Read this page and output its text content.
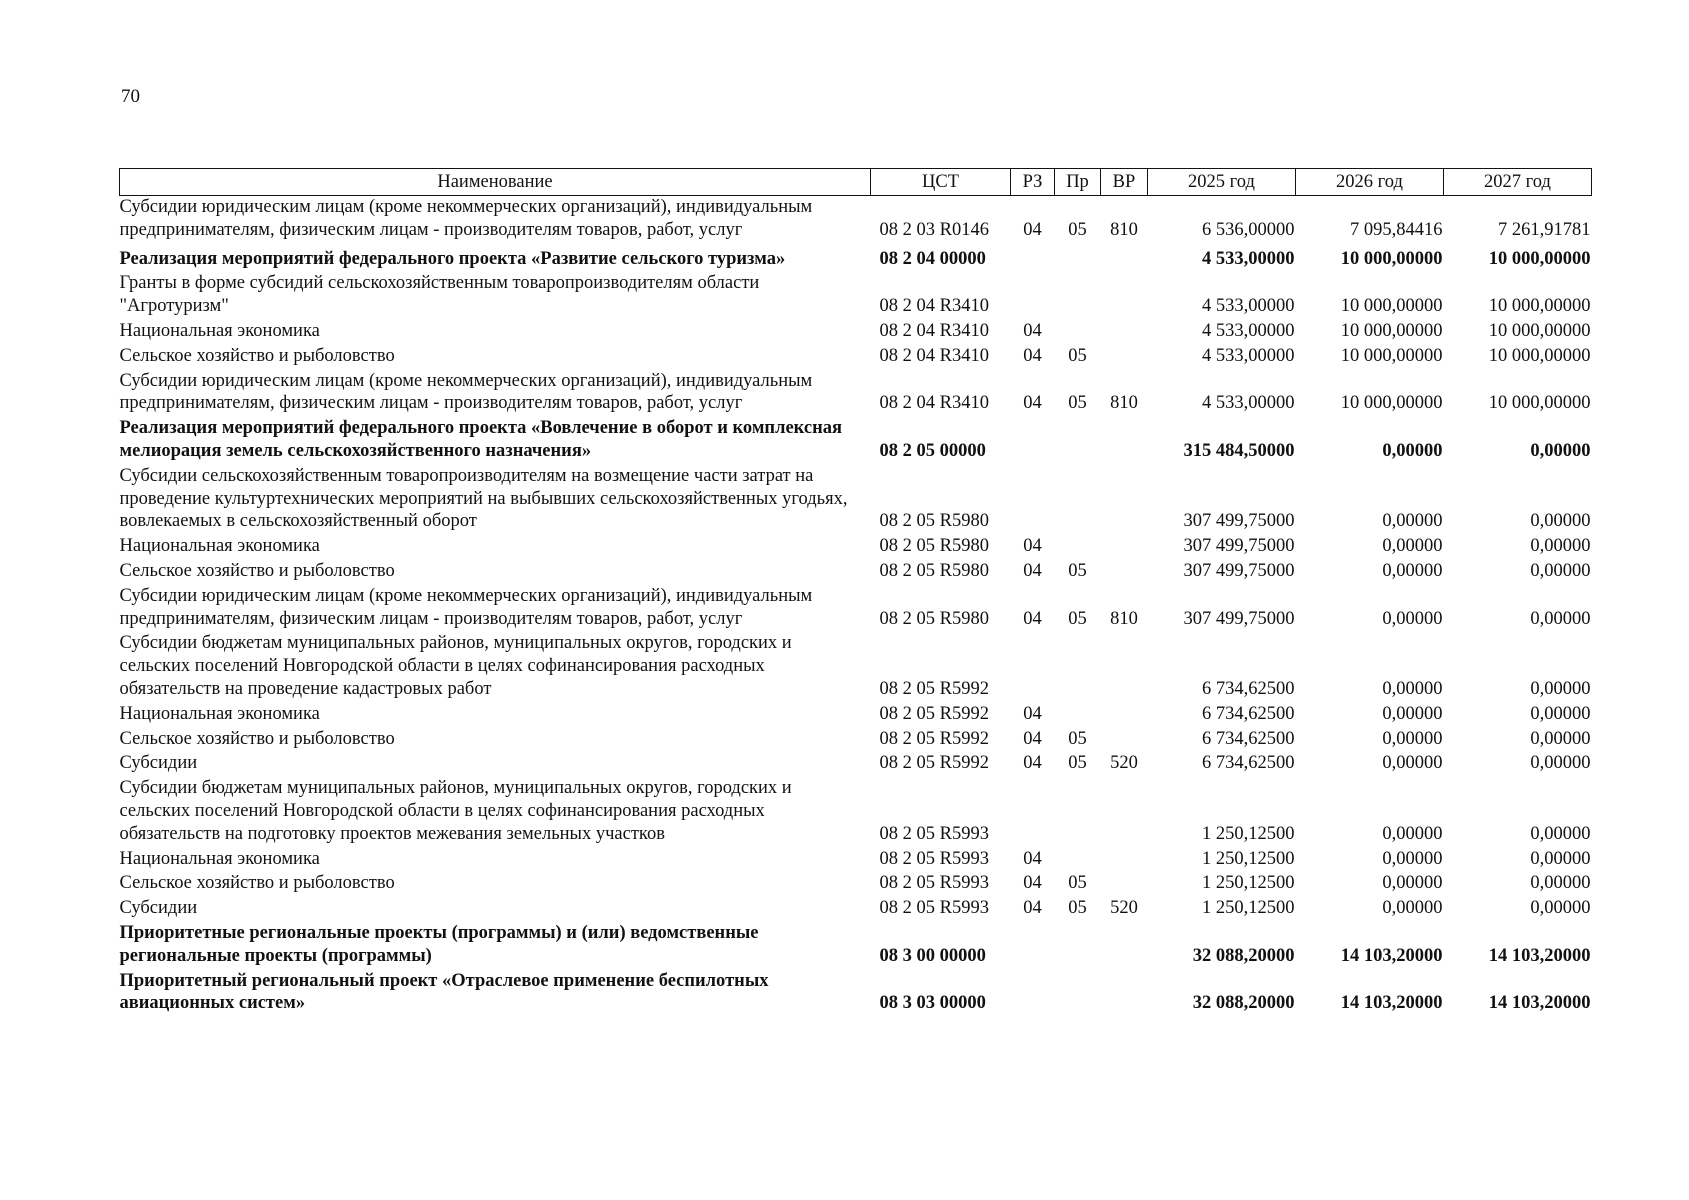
70
Наименование	ЦСТ	РЗ	Пр	ВР	2025 год	2026 год	2027 год
Субсидии юридическим лицам (кроме некоммерческих организаций), индивидуальным предпринимателям, физическим лицам - производителям товаров, работ, услуг	08 2 03 R0146	04	05	810	6 536,00000	7 095,84416	7 261,91781
Реализация мероприятий федерального проекта «Развитие сельского туризма»	08 2 04 00000				4 533,00000	10 000,00000	10 000,00000
Гранты в форме субсидий сельскохозяйственным товаропроизводителям области "Агротуризм"	08 2 04 R3410				4 533,00000	10 000,00000	10 000,00000
Национальная экономика	08 2 04 R3410	04			4 533,00000	10 000,00000	10 000,00000
Сельское хозяйство и рыболовство	08 2 04 R3410	04	05		4 533,00000	10 000,00000	10 000,00000
Субсидии юридическим лицам (кроме некоммерческих организаций), индивидуальным предпринимателям, физическим лицам - производителям товаров, работ, услуг	08 2 04 R3410	04	05	810	4 533,00000	10 000,00000	10 000,00000
Реализация мероприятий федерального проекта «Вовлечение в оборот и комплексная мелиорация земель сельскохозяйственного назначения»	08 2 05 00000				315 484,50000	0,00000	0,00000
Субсидии сельскохозяйственным товаропроизводителям на возмещение части затрат на проведение культуртехнических мероприятий на выбывших сельскохозяйственных угодьях, вовлекаемых в сельскохозяйственный оборот	08 2 05 R5980				307 499,75000	0,00000	0,00000
Национальная экономика	08 2 05 R5980	04			307 499,75000	0,00000	0,00000
Сельское хозяйство и рыболовство	08 2 05 R5980	04	05		307 499,75000	0,00000	0,00000
Субсидии юридическим лицам (кроме некоммерческих организаций), индивидуальным предпринимателям, физическим лицам - производителям товаров, работ, услуг	08 2 05 R5980	04	05	810	307 499,75000	0,00000	0,00000
Субсидии бюджетам муниципальных районов, муниципальных округов, городских и сельских поселений Новгородской области в целях софинансирования расходных обязательств на проведение кадастровых работ	08 2 05 R5992				6 734,62500	0,00000	0,00000
Национальная экономика	08 2 05 R5992	04			6 734,62500	0,00000	0,00000
Сельское хозяйство и рыболовство	08 2 05 R5992	04	05		6 734,62500	0,00000	0,00000
Субсидии	08 2 05 R5992	04	05	520	6 734,62500	0,00000	0,00000
Субсидии бюджетам муниципальных районов, муниципальных округов, городских и сельских поселений Новгородской области в целях софинансирования расходных обязательств на подготовку проектов межевания земельных участков	08 2 05 R5993				1 250,12500	0,00000	0,00000
Национальная экономика	08 2 05 R5993	04			1 250,12500	0,00000	0,00000
Сельское хозяйство и рыболовство	08 2 05 R5993	04	05		1 250,12500	0,00000	0,00000
Субсидии	08 2 05 R5993	04	05	520	1 250,12500	0,00000	0,00000
Приоритетные региональные проекты (программы) и (или) ведомственные региональные проекты (программы)	08 3 00 00000				32 088,20000	14 103,20000	14 103,20000
Приоритетный региональный проект «Отраслевое применение беспилотных авиационных систем»	08 3 03 00000				32 088,20000	14 103,20000	14 103,20000
